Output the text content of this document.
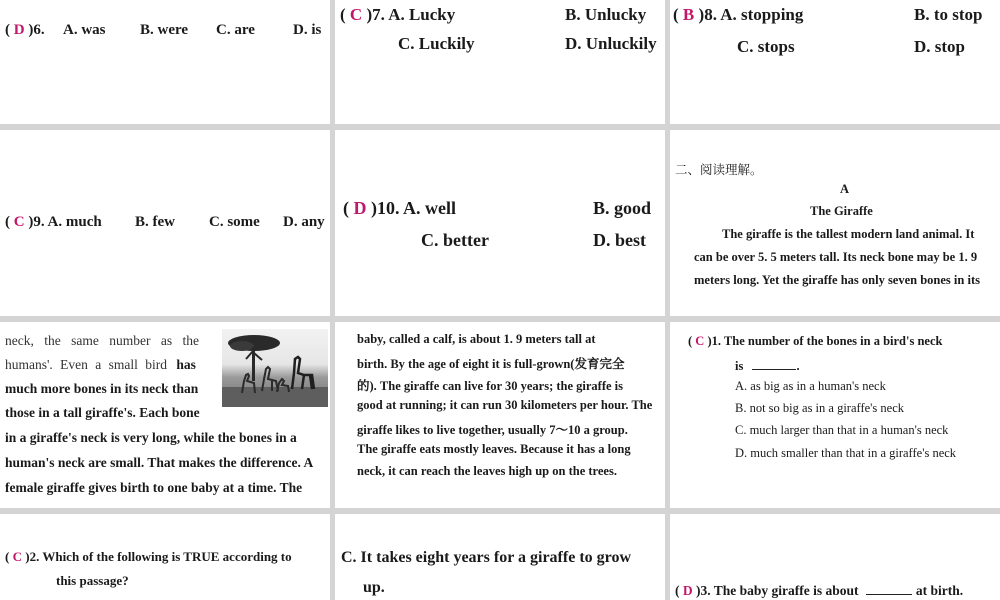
( D )6. A. was B. were C. are	D. is
( C )7. A. Lucky	B. Unlucky
C. Luckily	D. Unluckily
( B )8. A. stopping	B. to stop
C. stops	D. stop
( C )9. A. much B. few C. some D. any
( D )10. A. well	B. good
C. better	D. best
二、阅读理解。
A
The Giraffe
The giraffe is the tallest modern land animal. It
can be over 5. 5 meters tall. Its neck bone may be 1. 9
meters long. Yet the giraffe has only seven bones in its
neck, the same number as the
humans'. Even a small bird has
much more bones in its neck than
those in a tall giraffe's. Each bone
in a giraffe's neck is very long, while the bones in a
human's neck are small. That makes the difference. A
female giraffe gives birth to one baby at a time. The
baby, called a calf, is about 1. 9 meters tall at
birth. By the age of eight it is full-grown(发育完全
的). The giraffe can live for 30 years; the giraffe is
good at running; it can run 30 kilometers per hour. The
giraffe likes to live together, usually 7～10 a group.
The giraffe eats mostly leaves. Because it has a long
neck, it can reach the leaves high up on the trees.
( C )1. The number of the bones in a bird's neck
is	.
A. as big as in a human's neck
B. not so big as in a giraffe's neck
C. much larger than that in a human's neck
D. much smaller than that in a giraffe's neck
( C )2. Which of the following is TRUE according to
this passage?
C. It takes eight years for a giraffe to grow
up.	( D )3. The baby giraffe is about	at birth.
